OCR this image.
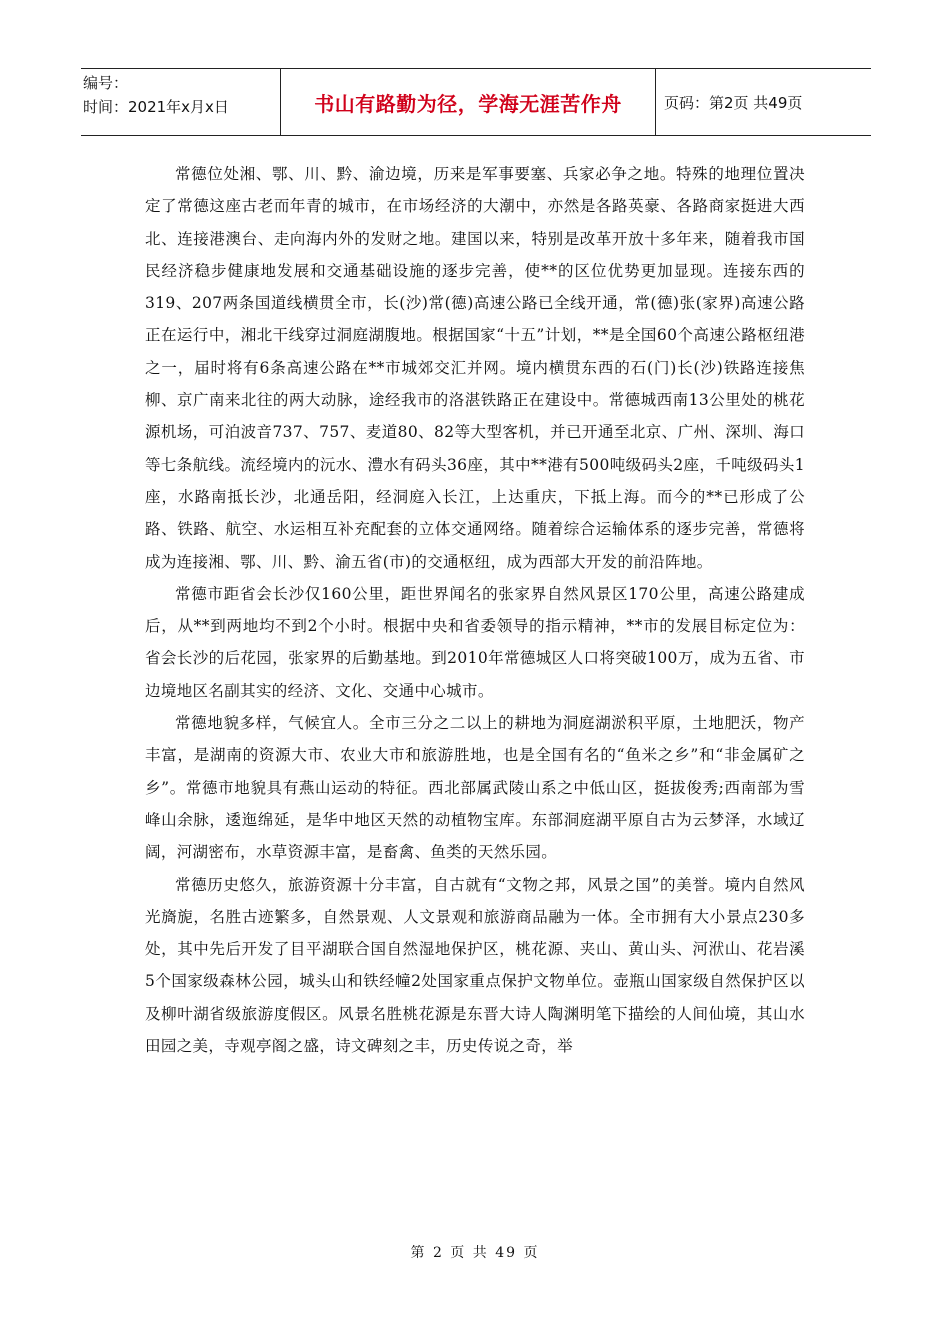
编号：
时间：2021年x月x日	书山有路勤为径，学海无涯苦作舟	页码：第2页 共49页

常德位处湘、鄂、川、黔、渝边境，历来是军事要塞、兵家必争之地。特殊的地理位置决定了常德这座古老而年青的城市，在市场经济的大潮中，亦然是各路英豪、各路商家挺进大西北、连接港澳台、走向海内外的发财之地。建国以来，特别是改革开放十多年来，随着我市国民经济稳步健康地发展和交通基础设施的逐步完善，使**的区位优势更加显现。连接东西的319、207两条国道线横贯全市，长(沙)常(德)高速公路已全线开通，常(德)张(家界)高速公路正在运行中，湘北干线穿过洞庭湖腹地。根据国家“十五”计划，**是全国60个高速公路枢纽港之一，届时将有6条高速公路在**市城郊交汇并网。境内横贯东西的石(门)长(沙)铁路连接焦柳、京广南来北往的两大动脉，途经我市的洛湛铁路正在建设中。常德城西南13公里处的桃花源机场，可泊波音737、757、麦道80、82等大型客机，并已开通至北京、广州、深圳、海口等七条航线。流经境内的沅水、澧水有码头36座，其中**港有500吨级码头2座，千吨级码头1座，水路南抵长沙，北通岳阳，经洞庭入长江，上达重庆，下抵上海。而今的**已形成了公路、铁路、航空、水运相互补充配套的立体交通网络。随着综合运输体系的逐步完善，常德将成为连接湘、鄂、川、黔、渝五省(市)的交通枢纽，成为西部大开发的前沿阵地。

常德市距省会长沙仅160公里，距世界闻名的张家界自然风景区170公里，高速公路建成后，从**到两地均不到2个小时。根据中央和省委领导的指示精神，**市的发展目标定位为：省会长沙的后花园，张家界的后勤基地。到2010年常德城区人口将突破100万，成为五省、市边境地区名副其实的经济、文化、交通中心城市。

常德地貌多样，气候宜人。全市三分之二以上的耕地为洞庭湖淤积平原，土地肥沃，物产丰富，是湖南的资源大市、农业大市和旅游胜地，也是全国有名的“鱼米之乡”和“非金属矿之乡”。常德市地貌具有燕山运动的特征。西北部属武陵山系之中低山区，挺拔俊秀;西南部为雪峰山余脉，逶迤绵延，是华中地区天然的动植物宝库。东部洞庭湖平原自古为云梦泽，水域辽阔，河湖密布，水草资源丰富，是畜禽、鱼类的天然乐园。

常德历史悠久，旅游资源十分丰富，自古就有“文物之邦，风景之国”的美誉。境内自然风光旖旎，名胜古迹繁多，自然景观、人文景观和旅游商品融为一体。全市拥有大小景点230多处，其中先后开发了目平湖联合国自然湿地保护区，桃花源、夹山、黄山头、河洑山、花岩溪5个国家级森林公园，城头山和铁经幢2处国家重点保护文物单位。壶瓶山国家级自然保护区以及柳叶湖省级旅游度假区。风景名胜桃花源是东晋大诗人陶渊明笔下描绘的人间仙境，其山水田园之美，寺观亭阁之盛，诗文碑刻之丰，历史传说之奇，举

第 2 页 共 49 页
